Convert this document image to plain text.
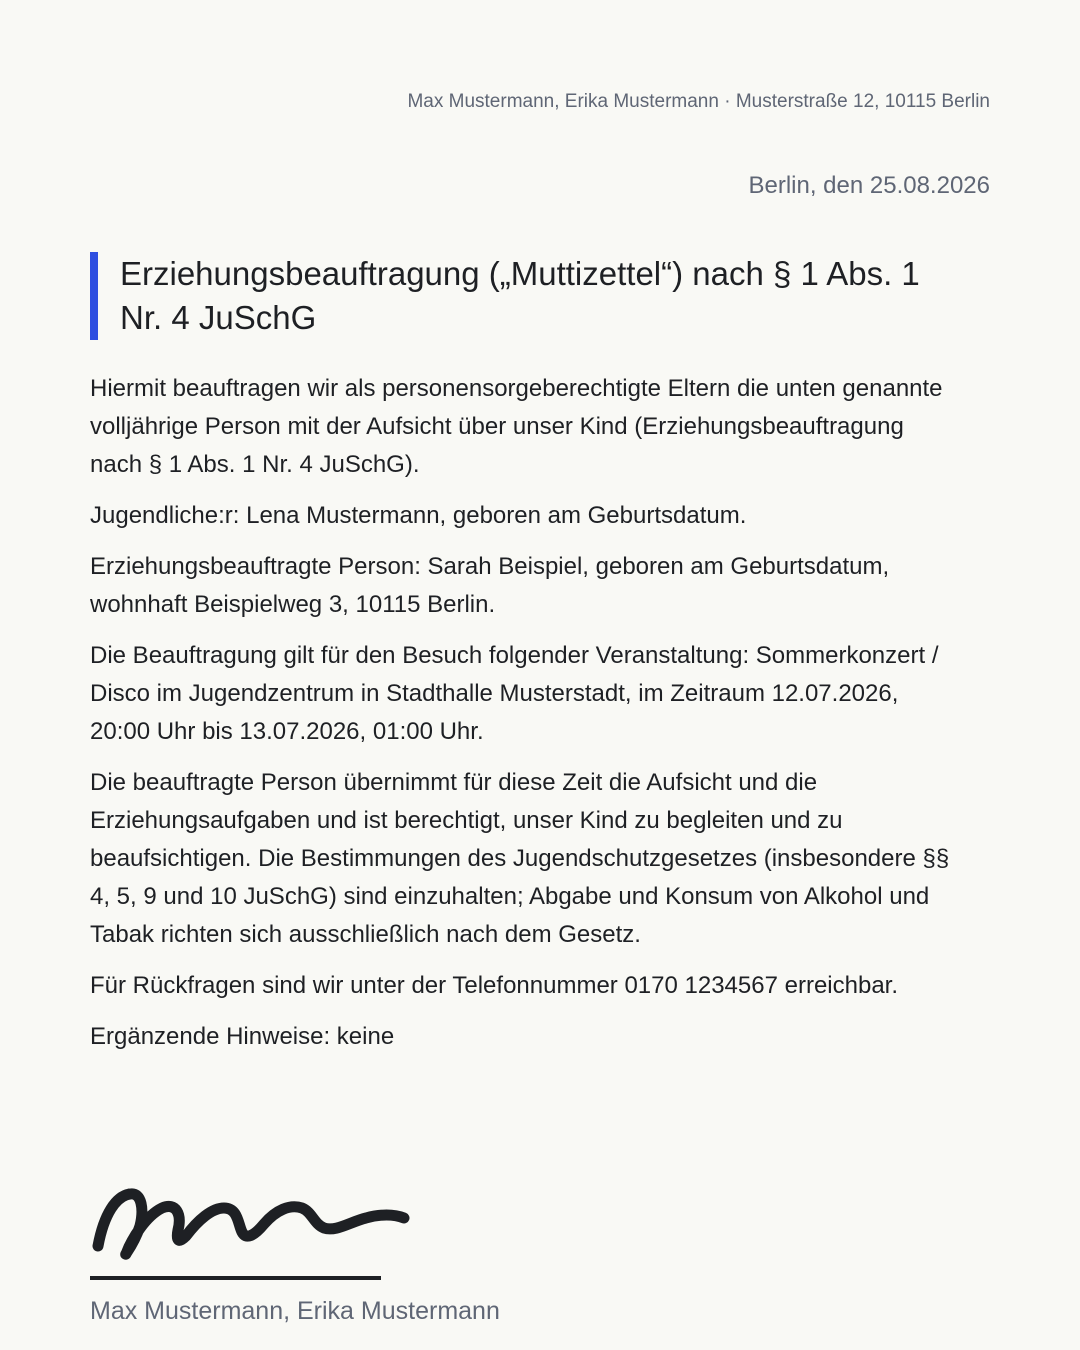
Max Mustermann, Erika Mustermann · Musterstraße 12, 10115 Berlin
Berlin, den 25.08.2026
Erziehungsbeauftragung („Muttizettel“) nach § 1 Abs. 1 Nr. 4 JuSchG

Hiermit beauftragen wir als personensorgeberechtigte Eltern die unten genannte volljährige Person mit der Aufsicht über unser Kind (Erziehungsbeauftragung nach § 1 Abs. 1 Nr. 4 JuSchG).

Jugendliche:r: Lena Mustermann, geboren am Geburtsdatum.

Erziehungsbeauftragte Person: Sarah Beispiel, geboren am Geburtsdatum, wohnhaft Beispielweg 3, 10115 Berlin.

Die Beauftragung gilt für den Besuch folgender Veranstaltung: Sommerkonzert / Disco im Jugendzentrum in Stadthalle Musterstadt, im Zeitraum 12.07.2026, 20:00 Uhr bis 13.07.2026, 01:00 Uhr.

Die beauftragte Person übernimmt für diese Zeit die Aufsicht und die Erziehungsaufgaben und ist berechtigt, unser Kind zu begleiten und zu beaufsichtigen. Die Bestimmungen des Jugendschutzgesetzes (insbesondere §§ 4, 5, 9 und 10 JuSchG) sind einzuhalten; Abgabe und Konsum von Alkohol und Tabak richten sich ausschließlich nach dem Gesetz.

Für Rückfragen sind wir unter der Telefonnummer 0170 1234567 erreichbar.

Ergänzende Hinweise: keine

Max Mustermann, Erika Mustermann
